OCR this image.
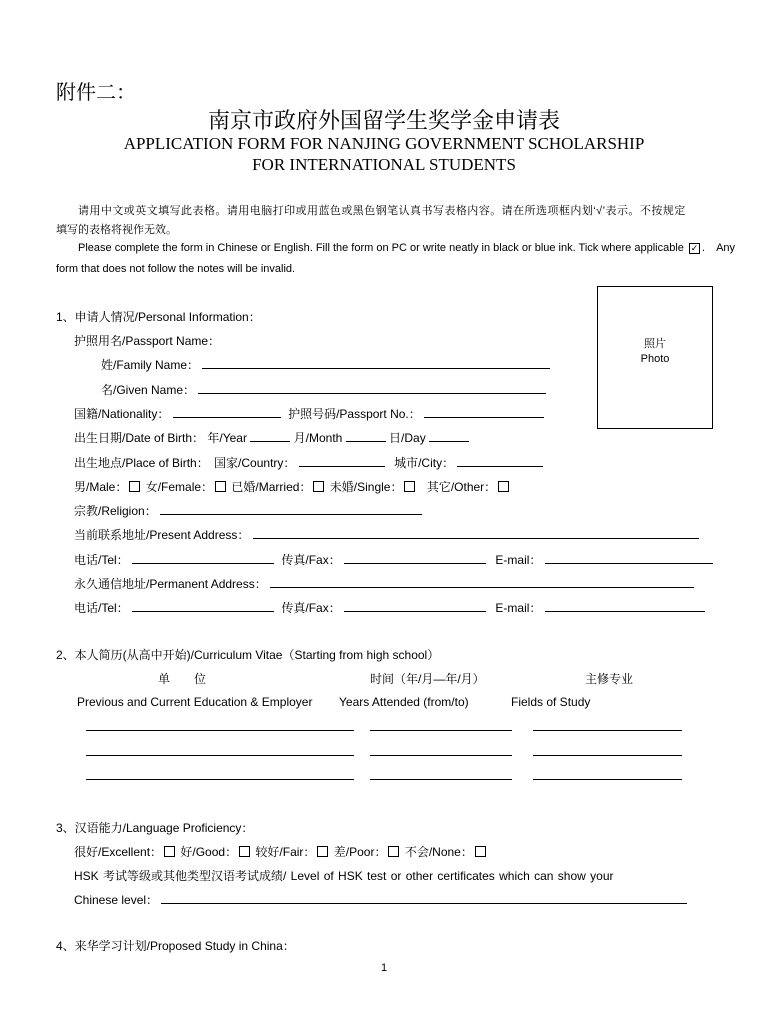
附件二：
南京市政府外国留学生奖学金申请表
APPLICATION FORM FOR NANJING GOVERNMENT SCHOLARSHIP
FOR INTERNATIONAL STUDENTS
请用中文或英文填写此表格。请用电脑打印或用蓝色或黑色钢笔认真书写表格内容。请在所选项框内划‘√’表示。不按规定
填写的表格将视作无效。
Please complete the form in Chinese or English. Fill the form on PC or write neatly in black or blue ink. Tick where applicable ✓ . Any
form that does not follow the notes will be invalid.
照片
Photo
1、申请人情况/Personal Information：
护照用名/Passport Name：
姓/Family Name：
名/Given Name：
国籍/Nationality：	护照号码/Passport No.：
出生日期/Date of Birth： 年/Year	月/Month	日/Day
出生地点/Place of Birth： 国家/Country：	城市/City：
男/Male： 女/Female： 已婚/Married： 未婚/Single： 其它/Other：
宗教/Religion：
当前联系地址/Present Address：
电话/Tel：	传真/Fax：	E-mail：
永久通信地址/Permanent Address：
电话/Tel：	传真/Fax：	E-mail：
2、本人简历(从高中开始)/Curriculum Vitae（Starting from high school）
单　　位	时间（年/月—年/月）	主修专业
Previous and Current Education & Employer Years Attended (from/to)	Fields of Study
3、汉语能力/Language Proficiency：
很好/Excellent： 好/Good： 较好/Fair： 差/Poor： 不会/None：
HSK 考试等级或其他类型汉语考试成绩/ Level of HSK test or other certificates which can show your
Chinese level：
4、来华学习计划/Proposed Study in China：
1
